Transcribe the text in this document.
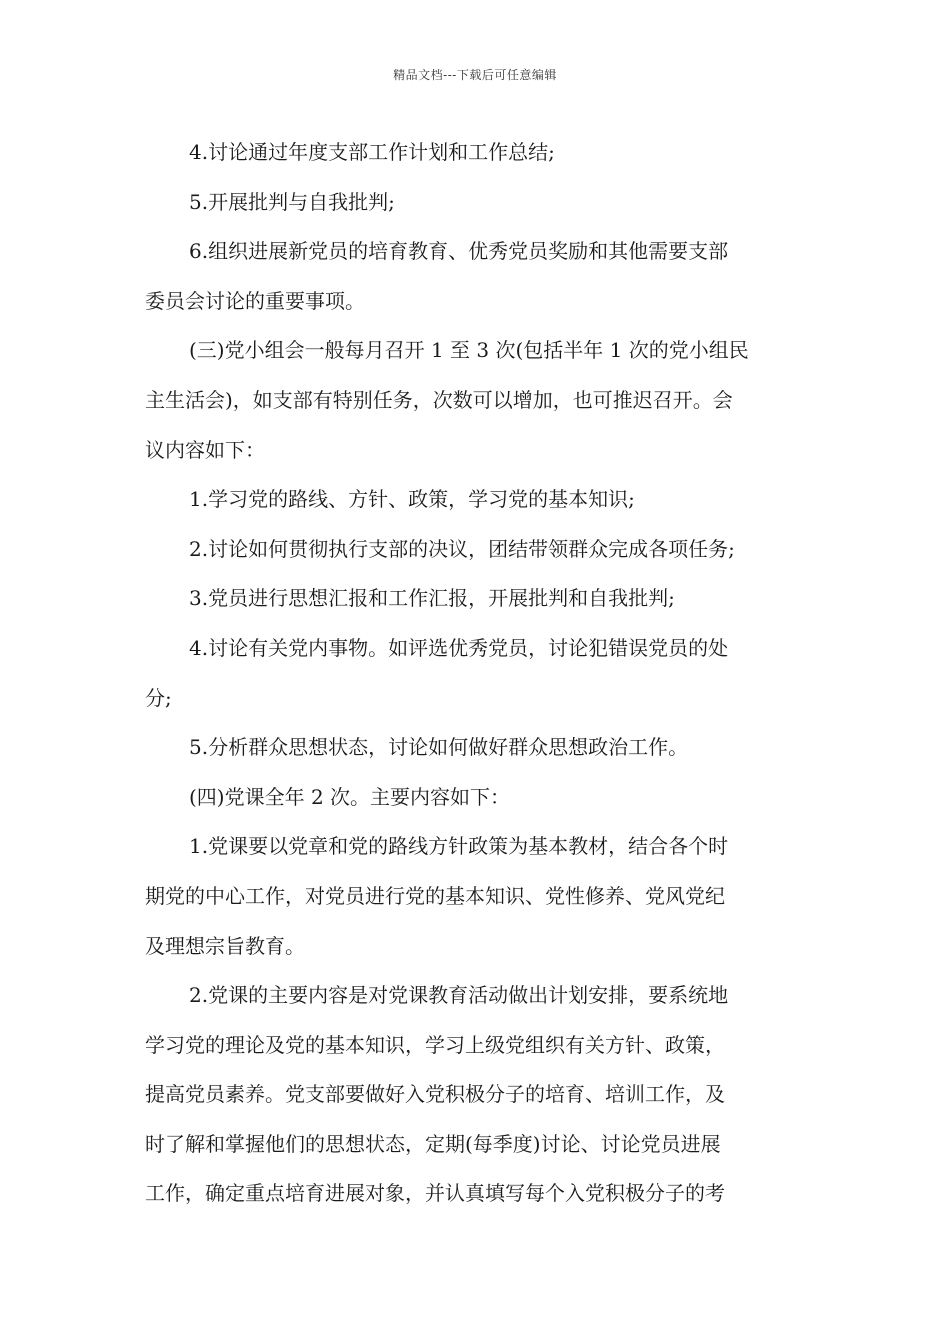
精品文档---下载后可任意编辑
4.讨论通过年度支部工作计划和工作总结;
5.开展批判与自我批判;
6.组织进展新党员的培育教育、优秀党员奖励和其他需要支部
委员会讨论的重要事项。
(三)党小组会一般每月召开 1 至 3 次(包括半年 1 次的党小组民
主生活会)，如支部有特别任务，次数可以增加，也可推迟召开。会
议内容如下：
1.学习党的路线、方针、政策，学习党的基本知识;
2.讨论如何贯彻执行支部的决议，团结带领群众完成各项任务;
3.党员进行思想汇报和工作汇报，开展批判和自我批判;
4.讨论有关党内事物。如评选优秀党员，讨论犯错误党员的处
分;
5.分析群众思想状态，讨论如何做好群众思想政治工作。
(四)党课全年 2 次。主要内容如下：
1.党课要以党章和党的路线方针政策为基本教材，结合各个时
期党的中心工作，对党员进行党的基本知识、党性修养、党风党纪
及理想宗旨教育。
2.党课的主要内容是对党课教育活动做出计划安排，要系统地
学习党的理论及党的基本知识，学习上级党组织有关方针、政策，
提高党员素养。党支部要做好入党积极分子的培育、培训工作，及
时了解和掌握他们的思想状态，定期(每季度)讨论、讨论党员进展
工作，确定重点培育进展对象，并认真填写每个入党积极分子的考
